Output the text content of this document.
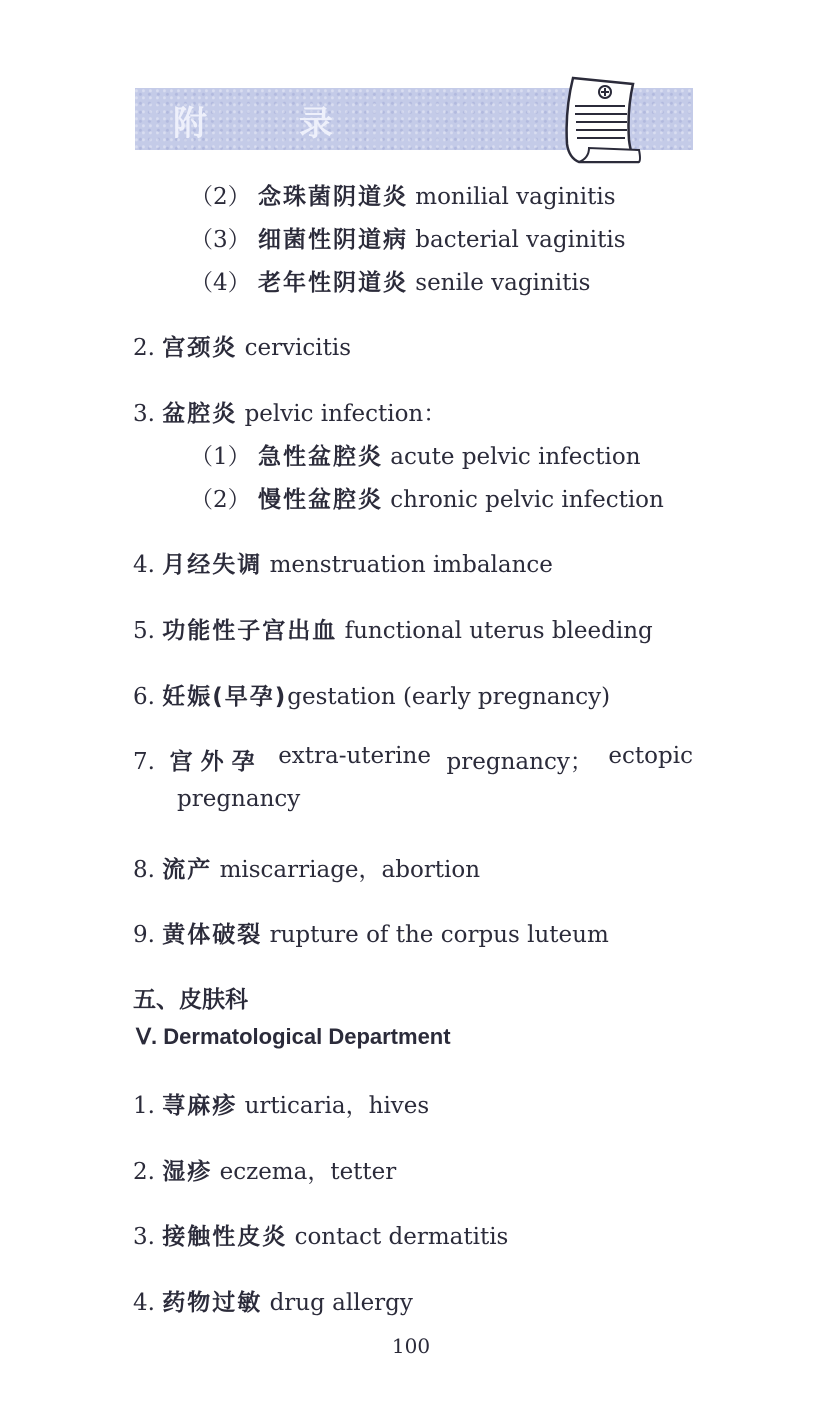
附 录
（2） 念珠菌阴道炎 monilial vaginitis
（3） 细菌性阴道病 bacterial vaginitis
（4） 老年性阴道炎 senile vaginitis
2. 宫颈炎 cervicitis
3. 盆腔炎 pelvic infection：
（1） 急性盆腔炎 acute pelvic infection
（2） 慢性盆腔炎 chronic pelvic infection
4. 月经失调 menstruation imbalance
5. 功能性子宫出血 functional uterus bleeding
6. 妊娠(早孕)gestation (early pregnancy)
7. 宫外孕 extra-uterine pregnancy； ectopic
pregnancy
8. 流产 miscarriage，abortion
9. 黄体破裂 rupture of the corpus luteum
五、皮肤科
Ⅴ. Dermatological Department
1. 荨麻疹 urticaria，hives
2. 湿疹 eczema，tetter
3. 接触性皮炎 contact dermatitis
4. 药物过敏 drug allergy
100
